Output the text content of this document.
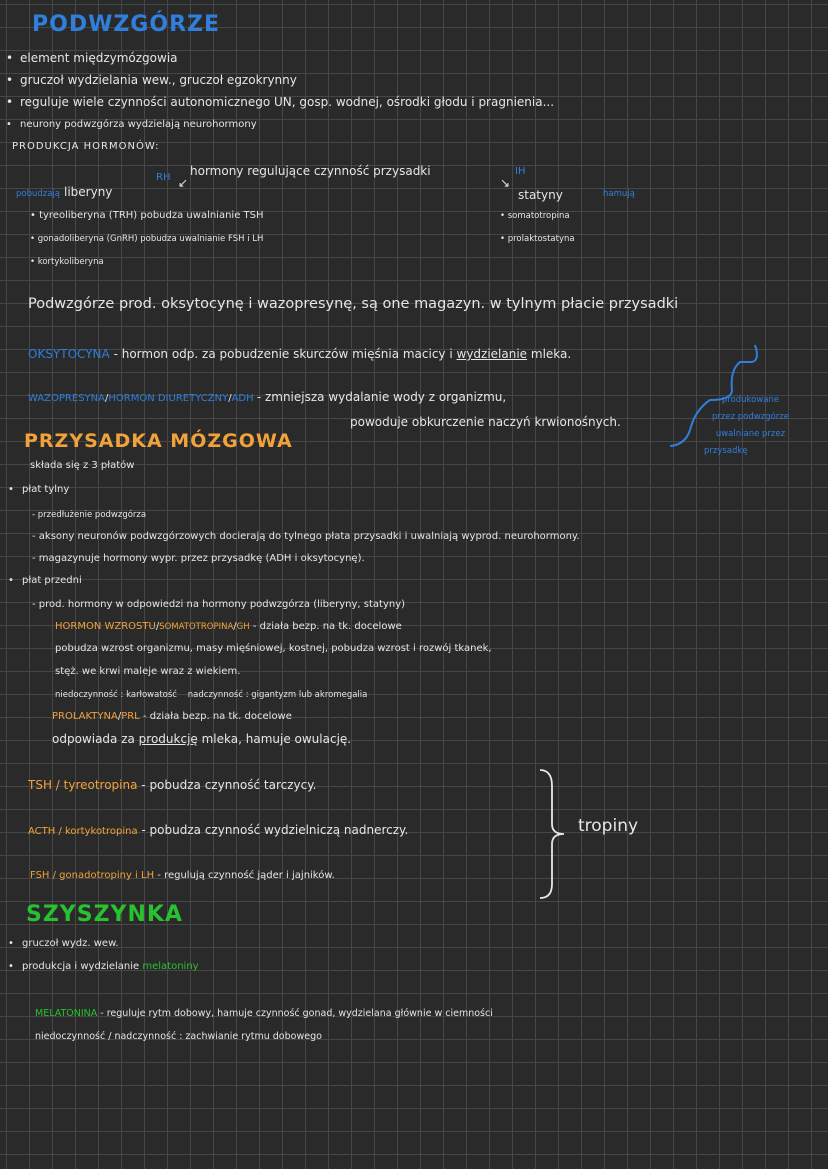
PODWZGÓRZE
• element międzymózgowia
• gruczoł wydzielania wew., gruczoł egzokrynny
• reguluje wiele czynności autonomicznego UN, gosp. wodnej, ośrodki głodu i pragnienia...
• neurony podwzgórza wydzielają neurohormony
PRODUKCJA HORMONÓW:
hormony regulujące czynność przysadki
RH
IH
↙	↘
pobudzają liberyny	statyny	hamują
• tyreoliberyna (TRH) pobudza uwalnianie TSH
• gonadoliberyna (GnRH) pobudza uwalnianie FSH i LH
• kortykoliberyna
• somatotropina
• prolaktostatyna
Podwzgórze prod. oksytocynę i wazopresynę, są one magazyn. w tylnym płacie przysadki
OKSYTOCYNA - hormon odp. za pobudzenie skurczów mięśnia macicy i wydzielanie mleka.
WAZOPRESYNA/HORMON DIURETYCZNY/ADH - zmniejsza wydalanie wody z organizmu,
powoduje obkurczenie naczyń krwionośnych.
produkowane
przez podwzgórze
uwalniane przez
przysadkę
PRZYSADKA MÓZGOWA
składa się z 3 płatów
• płat tylny
- przedłużenie podwzgórza
- aksony neuronów podwzgórzowych docierają do tylnego płata przysadki i uwalniają wyprod. neurohormony.
- magazynuje hormony wypr. przez przysadkę (ADH i oksytocynę).
• płat przedni
- prod. hormony w odpowiedzi na hormony podwzgórza (liberyny, statyny)
HORMON WZROSTU/SOMATOTROPINA/GH - działa bezp. na tk. docelowe
pobudza wzrost organizmu, masy mięśniowej, kostnej, pobudza wzrost i rozwój tkanek,
stęż. we krwi maleje wraz z wiekiem.
niedoczynność : karłowatość    nadczynność : gigantyzm lub akromegalia
PROLAKTYNA/PRL - działa bezp. na tk. docelowe
odpowiada za produkcję mleka, hamuje owulację.
TSH / tyreotropina - pobudza czynność tarczycy.
ACTH / kortykotropina - pobudza czynność wydzielniczą nadnerczy.
FSH / gonadotropiny i LH - regulują czynność jąder i jajników.
tropiny
SZYSZYNKA
• gruczoł wydz. wew.
• produkcja i wydzielanie melatoniny
MELATONINA - reguluje rytm dobowy, hamuje czynność gonad, wydzielana głównie w ciemności
niedoczynność / nadczynność : zachwianie rytmu dobowego
